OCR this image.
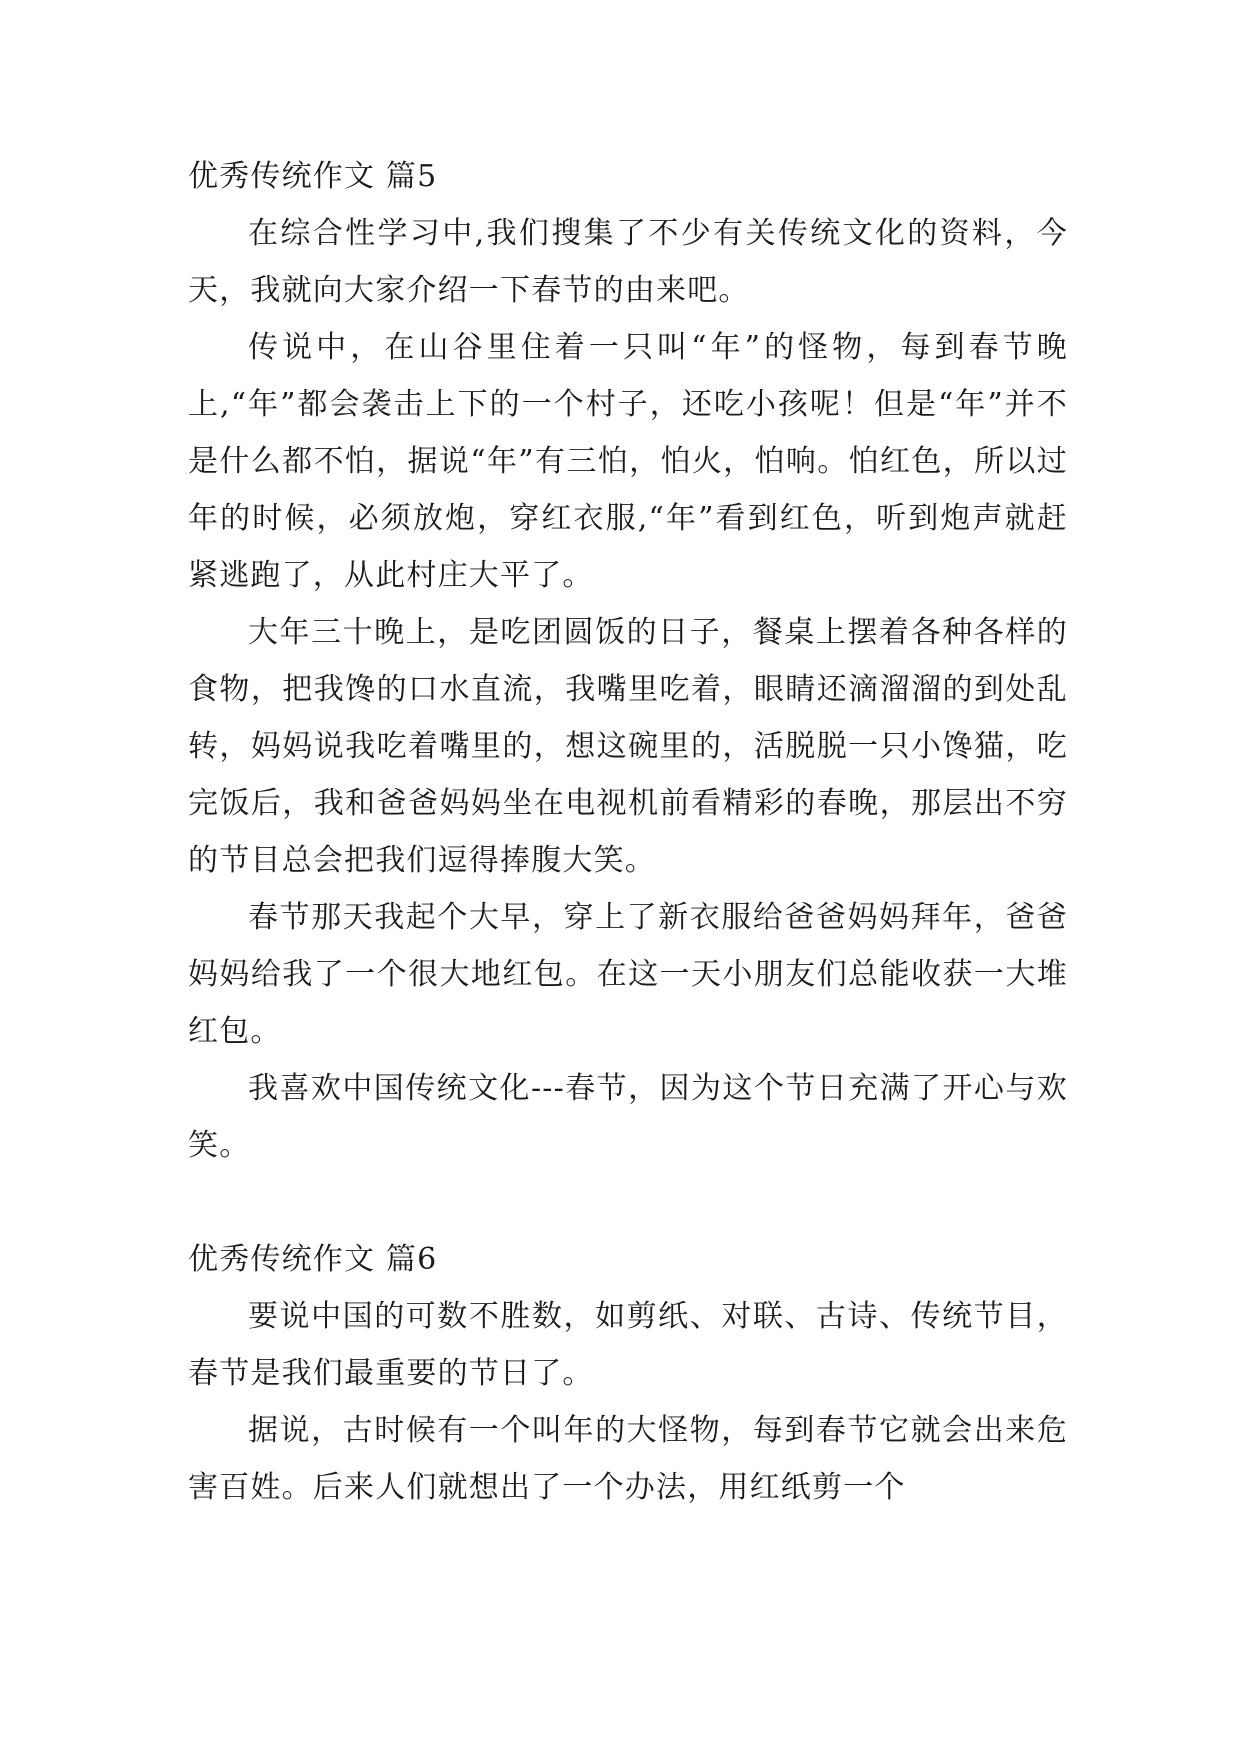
优秀传统作文 篇5

在综合性学习中,我们搜集了不少有关传统文化的资料，今天，我就向大家介绍一下春节的由来吧。

传说中，在山谷里住着一只叫“年”的怪物，每到春节晚上,“年”都会袭击上下的一个村子，还吃小孩呢！但是“年”并不是什么都不怕，据说“年”有三怕，怕火，怕响。怕红色，所以过年的时候，必须放炮，穿红衣服,“年”看到红色，听到炮声就赶紧逃跑了，从此村庄大平了。

大年三十晚上，是吃团圆饭的日子，餐桌上摆着各种各样的食物，把我馋的口水直流，我嘴里吃着，眼睛还滴溜溜的到处乱转，妈妈说我吃着嘴里的，想这碗里的，活脱脱一只小馋猫，吃完饭后，我和爸爸妈妈坐在电视机前看精彩的春晚，那层出不穷的节目总会把我们逗得捧腹大笑。

春节那天我起个大早，穿上了新衣服给爸爸妈妈拜年，爸爸妈妈给我了一个很大地红包。在这一天小朋友们总能收获一大堆红包。

我喜欢中国传统文化---春节，因为这个节日充满了开心与欢笑。

优秀传统作文 篇6

要说中国的可数不胜数，如剪纸、对联、古诗、传统节目，春节是我们最重要的节日了。

据说，古时候有一个叫年的大怪物，每到春节它就会出来危害百姓。后来人们就想出了一个办法，用红纸剪一个
